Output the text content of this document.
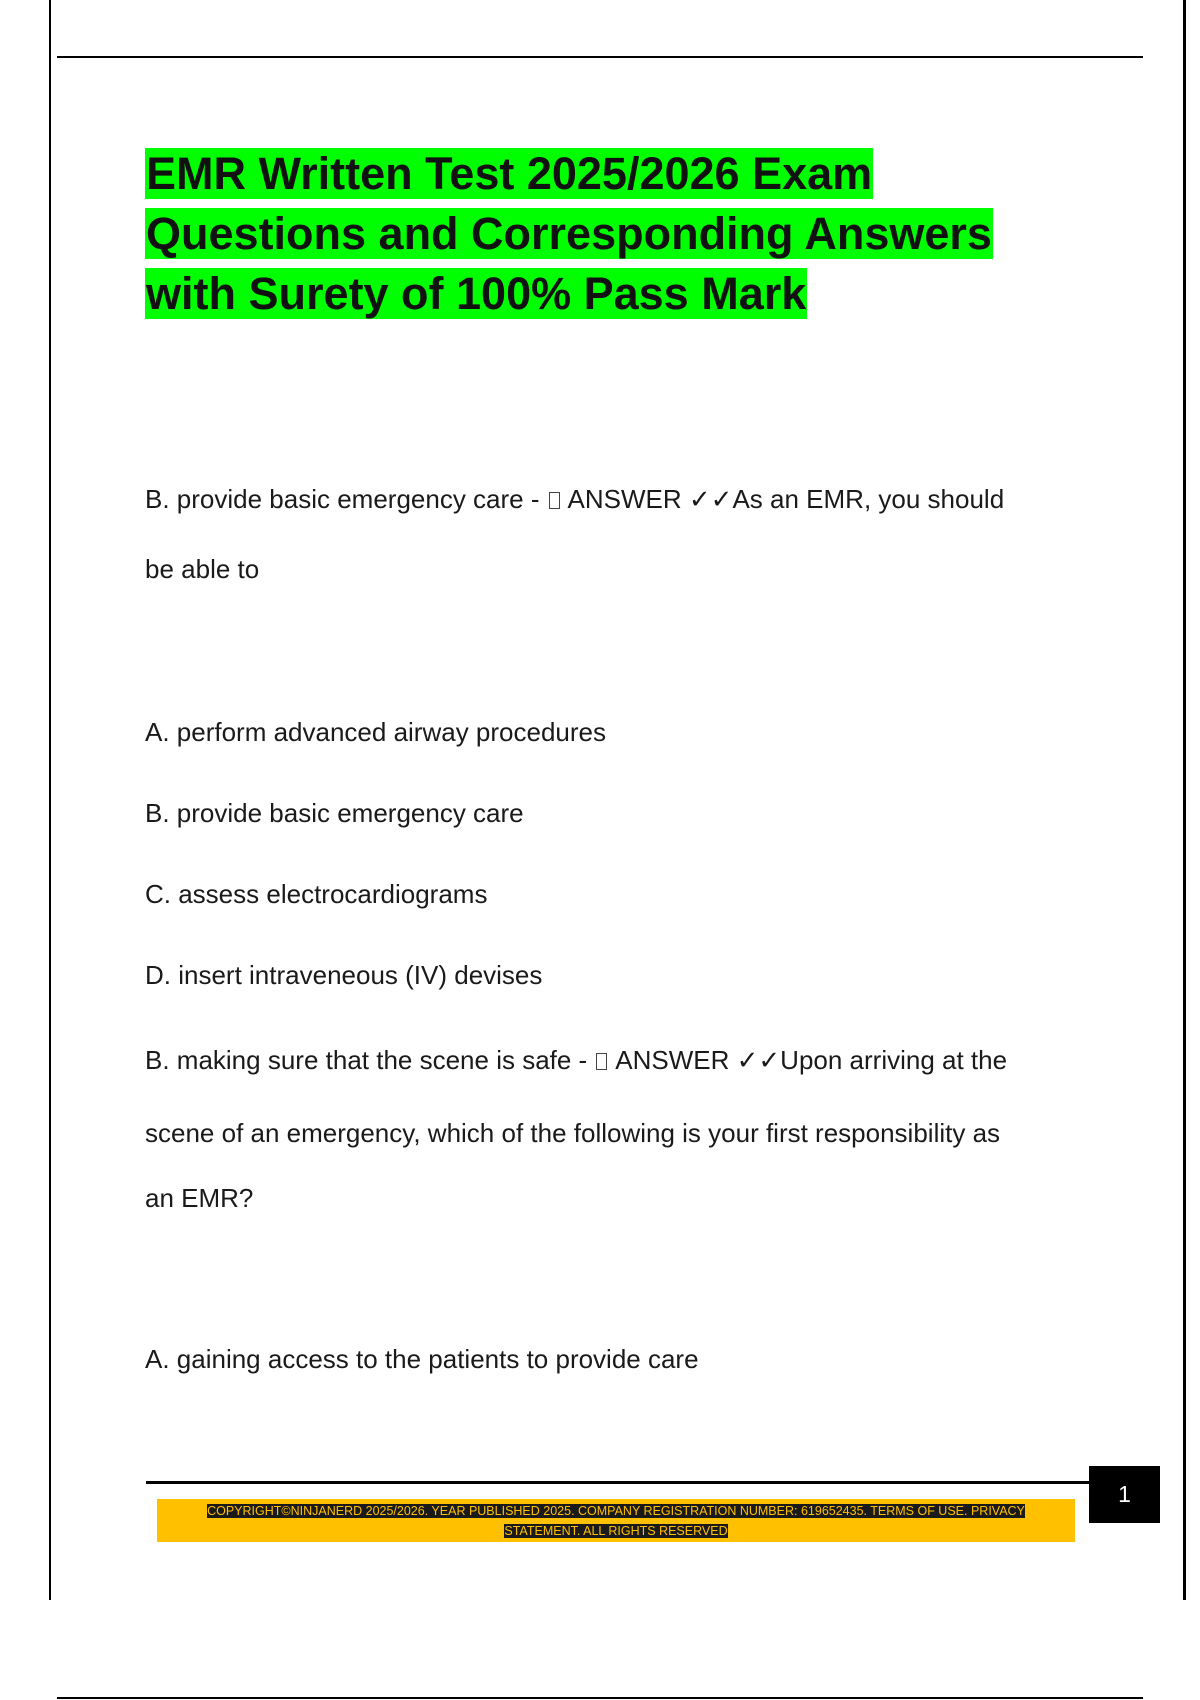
EMR Written Test 2025/2026 Exam
Questions and Corresponding Answers
with Surety of 100% Pass Mark

B. provide basic emergency care - ANSWER ✓✓As an EMR, you should

be able to

A. perform advanced airway procedures

B. provide basic emergency care

C. assess electrocardiograms

D. insert intraveneous (IV) devises

B. making sure that the scene is safe - ANSWER ✓✓Upon arriving at the

scene of an emergency, which of the following is your first responsibility as

an EMR?

A. gaining access to the patients to provide care

1
COPYRIGHT©NINJANERD 2025/2026. YEAR PUBLISHED 2025. COMPANY REGISTRATION NUMBER: 619652435. TERMS OF USE. PRIVACY STATEMENT. ALL RIGHTS RESERVED
